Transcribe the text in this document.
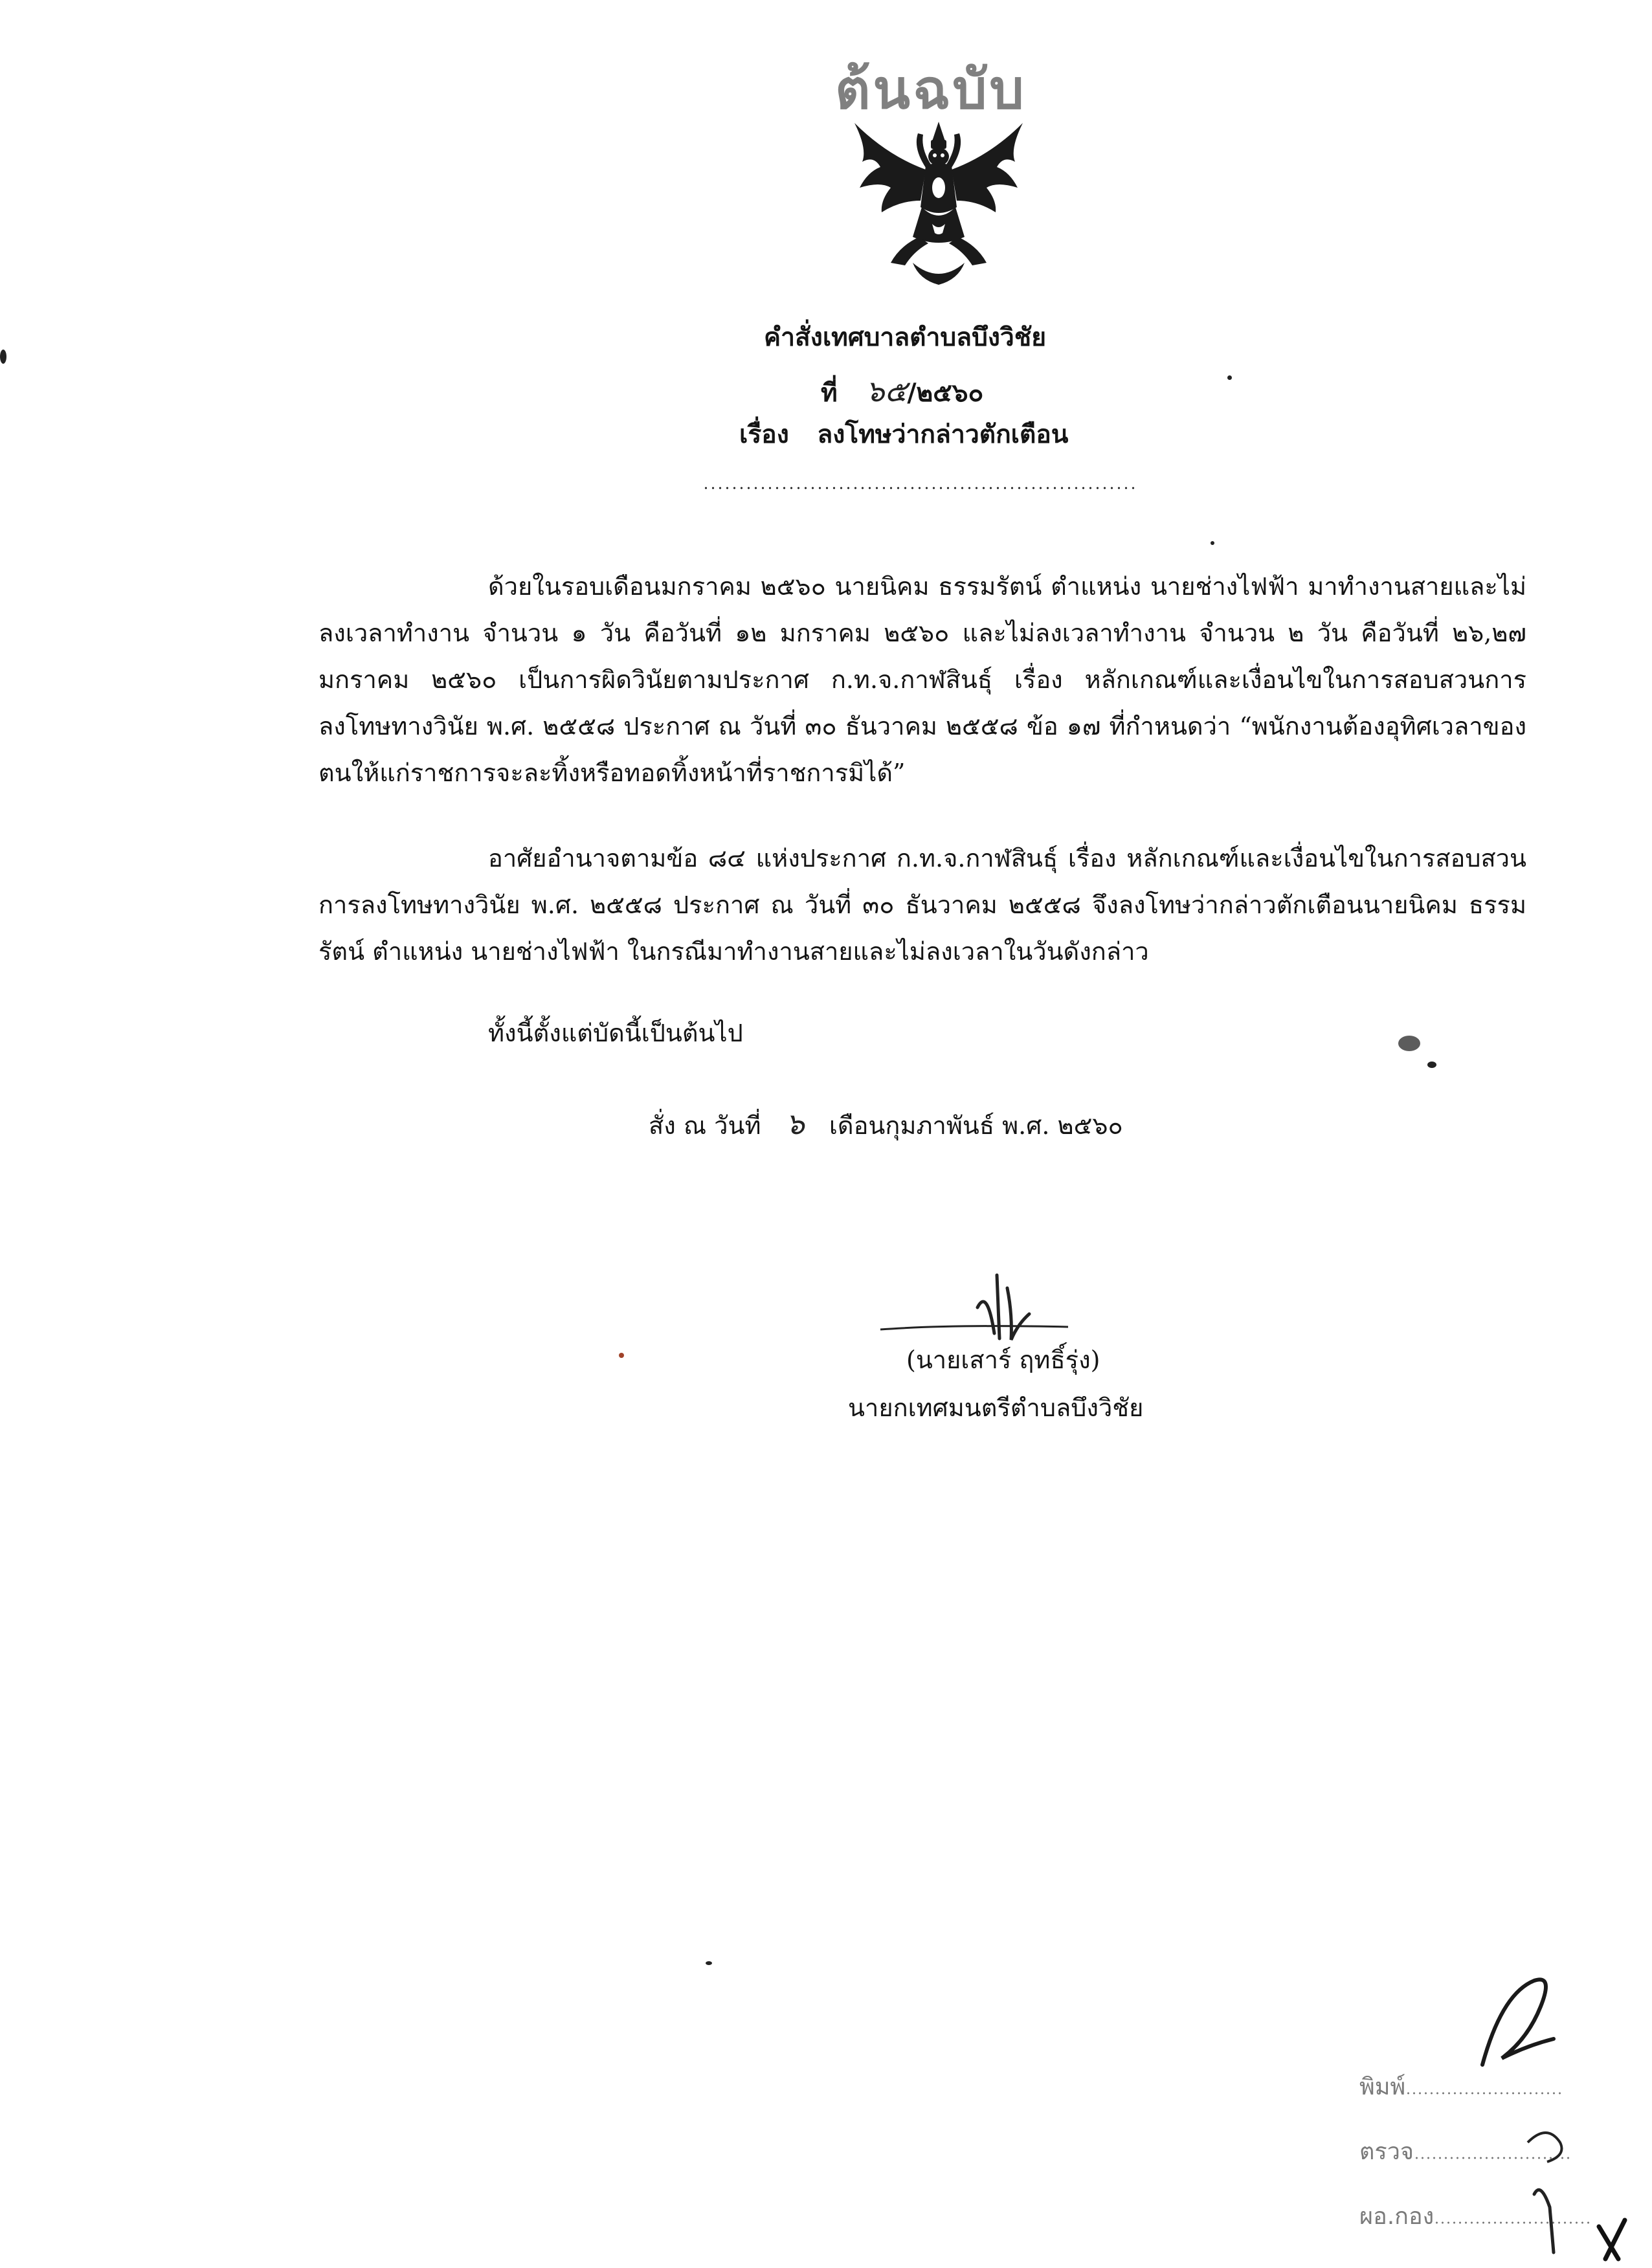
ต้นฉบับ
คำสั่งเทศบาลตำบลบึงวิชัย
ที่ ๖๕/๒๕๖๐
เรื่อง ลงโทษว่ากล่าวตักเตือน

ด้วยในรอบเดือนมกราคม ๒๕๖๐ นายนิคม ธรรมรัตน์ ตำแหน่ง นายช่างไฟฟ้า มาทำงานสายและไม่ลงเวลาทำงาน จำนวน ๑ วัน คือวันที่ ๑๒ มกราคม ๒๕๖๐ และไม่ลงเวลาทำงาน จำนวน ๒ วัน คือวันที่ ๒๖,๒๗ มกราคม ๒๕๖๐ เป็นการผิดวินัยตามประกาศ ก.ท.จ.กาฬสินธุ์ เรื่อง หลักเกณฑ์และเงื่อนไขในการสอบสวนการลงโทษทางวินัย พ.ศ. ๒๕๕๘ ประกาศ ณ วันที่ ๓๐ ธันวาคม ๒๕๕๘ ข้อ ๑๗ ที่กำหนดว่า “พนักงานต้องอุทิศเวลาของตนให้แก่ราชการจะละทิ้งหรือทอดทิ้งหน้าที่ราชการมิได้”

อาศัยอำนาจตามข้อ ๘๔ แห่งประกาศ ก.ท.จ.กาฬสินธุ์ เรื่อง หลักเกณฑ์และเงื่อนไขในการสอบสวนการลงโทษทางวินัย พ.ศ. ๒๕๕๘ ประกาศ ณ วันที่ ๓๐ ธันวาคม ๒๕๕๘ จึงลงโทษว่ากล่าวตักเตือนนายนิคม ธรรมรัตน์ ตำแหน่ง นายช่างไฟฟ้า ในกรณีมาทำงานสายและไม่ลงเวลาในวันดังกล่าว

ทั้งนี้ตั้งแต่บัดนี้เป็นต้นไป
สั่ง ณ วันที่ ๖ เดือนกุมภาพันธ์ พ.ศ. ๒๕๖๐
(นายเสาร์ ฤทธิ์รุ่ง)
นายกเทศมนตรีตำบลบึงวิชัย
พิมพ์
ตรวจ
ผอ.กอง
